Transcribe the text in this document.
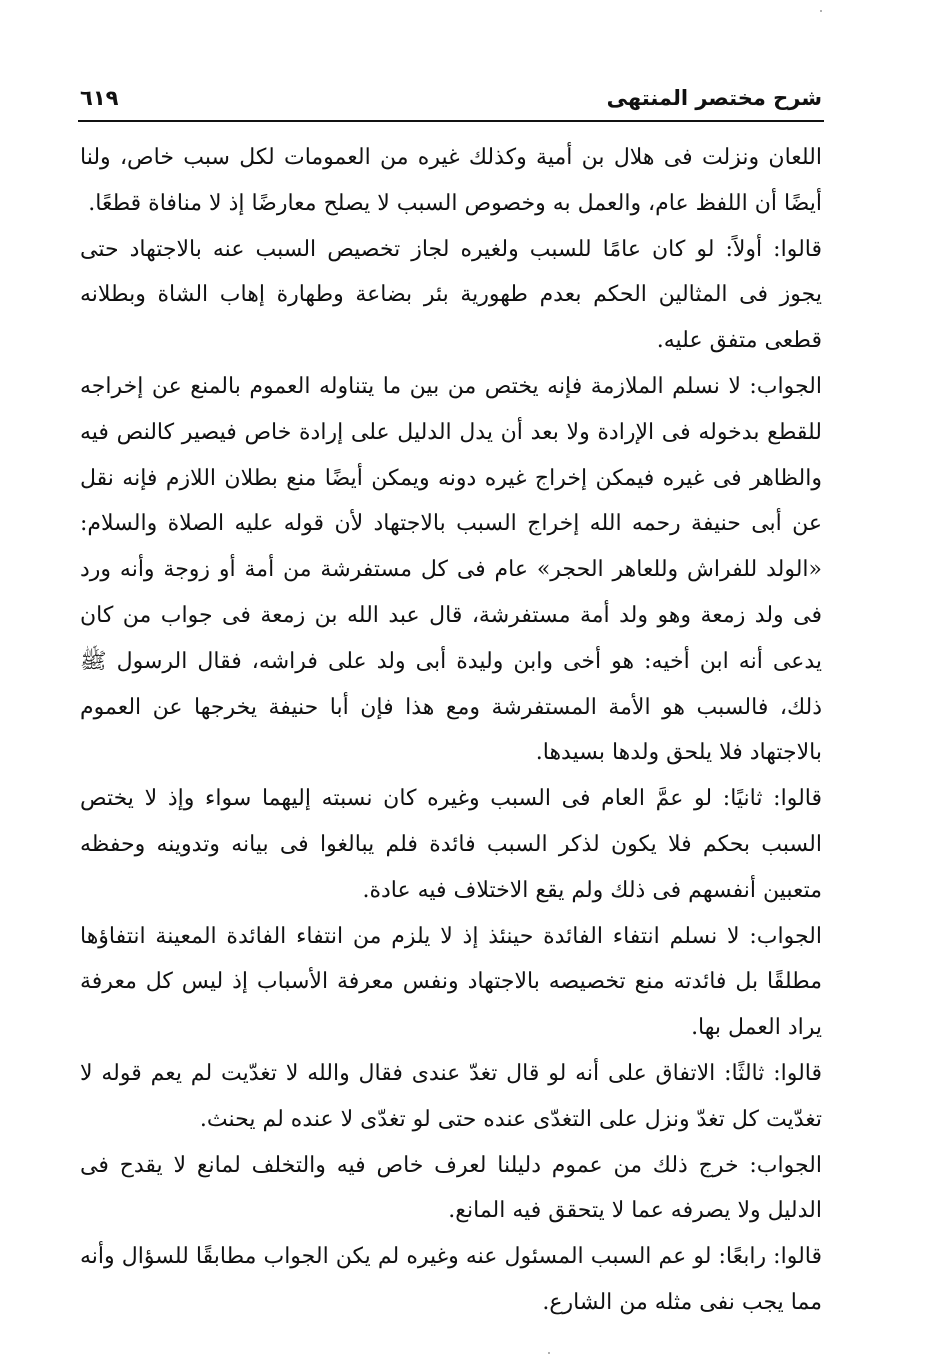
شرح مختصر المنتهى
٦١٩

اللعان ونزلت فى هلال بن أمية وكذلك غيره من العمومات لكل سبب خاص، ولنا أيضًا أن اللفظ عام، والعمل به وخصوص السبب لا يصلح معارضًا إذ لا منافاة قطعًا.

قالوا: أولاً: لو كان عامًا للسبب ولغيره لجاز تخصيص السبب عنه بالاجتهاد حتى يجوز فى المثالين الحكم بعدم طهورية بئر بضاعة وطهارة إهاب الشاة وبطلانه قطعى متفق عليه.

الجواب: لا نسلم الملازمة فإنه يختص من بين ما يتناوله العموم بالمنع عن إخراجه للقطع بدخوله فى الإرادة ولا بعد أن يدل الدليل على إرادة خاص فيصير كالنص فيه والظاهر فى غيره فيمكن إخراج غيره دونه ويمكن أيضًا منع بطلان اللازم فإنه نقل عن أبى حنيفة رحمه الله إخراج السبب بالاجتهاد لأن قوله عليه الصلاة والسلام: «الولد للفراش وللعاهر الحجر» عام فى كل مستفرشة من أمة أو زوجة وأنه ورد فى ولد زمعة وهو ولد أمة مستفرشة، قال عبد الله بن زمعة فى جواب من كان يدعى أنه ابن أخيه: هو أخى وابن وليدة أبى ولد على فراشه، فقال الرسول ﷺ ذلك، فالسبب هو الأمة المستفرشة ومع هذا فإن أبا حنيفة يخرجها عن العموم بالاجتهاد فلا يلحق ولدها بسيدها.

قالوا: ثانيًا: لو عمَّ العام فى السبب وغيره كان نسبته إليهما سواء وإذ لا يختص السبب بحكم فلا يكون لذكر السبب فائدة فلم يبالغوا فى بيانه وتدوينه وحفظه متعبين أنفسهم فى ذلك ولم يقع الاختلاف فيه عادة.

الجواب: لا نسلم انتفاء الفائدة حينئذ إذ لا يلزم من انتفاء الفائدة المعينة انتفاؤها مطلقًا بل فائدته منع تخصيصه بالاجتهاد ونفس معرفة الأسباب إذ ليس كل معرفة يراد العمل بها.

قالوا: ثالثًا: الاتفاق على أنه لو قال تغدّ عندى فقال والله لا تغدّيت لم يعم قوله لا تغدّيت كل تغدّ ونزل على التغدّى عنده حتى لو تغدّى لا عنده لم يحنث.

الجواب: خرج ذلك من عموم دليلنا لعرف خاص فيه والتخلف لمانع لا يقدح فى الدليل ولا يصرفه عما لا يتحقق فيه المانع.

قالوا: رابعًا: لو عم السبب المسئول عنه وغيره لم يكن الجواب مطابقًا للسؤال وأنه مما يجب نفى مثله من الشارع.
